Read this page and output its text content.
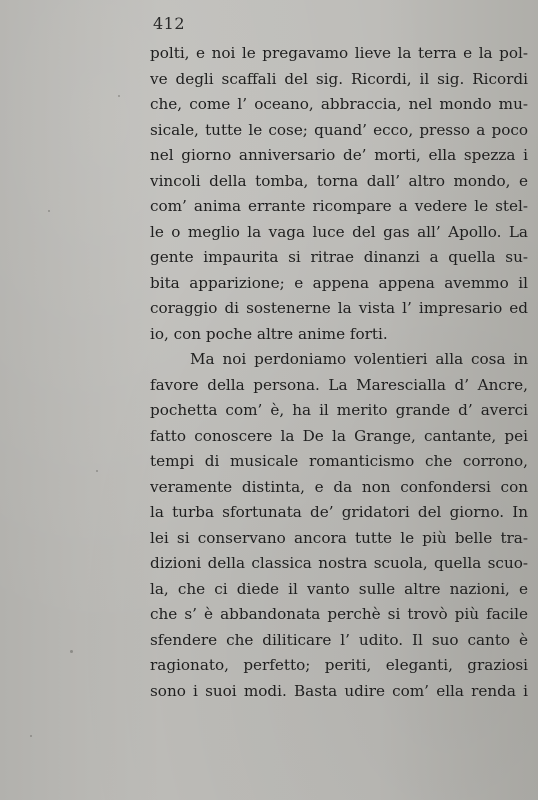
412
polti, e noi le pregavamo lieve la terra e la pol-
ve degli scaffali del sig. Ricordi, il sig. Ricordi
che, come l’ oceano, abbraccia, nel mondo mu-
sicale, tutte le cose; quand’ ecco, presso a poco
nel giorno anniversario de’ morti, ella spezza i
vincoli della tomba, torna dall’ altro mondo, e
com’ anima errante ricompare a vedere le stel-
le o meglio la vaga luce del gas all’ Apollo. La
gente impaurita si ritrae dinanzi a quella su-
bita apparizione; e appena appena avemmo il
coraggio di sostenerne la vista l’ impresario ed
io, con poche altre anime forti.
Ma noi perdoniamo volentieri alla cosa in
favore della persona. La Marescialla d’ Ancre,
pochetta com’ è, ha il merito grande d’ averci
fatto conoscere la De la Grange, cantante, pei
tempi di musicale romanticismo che corrono,
veramente distinta, e da non confondersi con
la turba sfortunata de’ gridatori del giorno. In
lei si conservano ancora tutte le più belle tra-
dizioni della classica nostra scuola, quella scuo-
la, che ci diede il vanto sulle altre nazioni, e
che s’ è abbandonata perchè si trovò più facile
sfendere che diliticare l’ udito. Il suo canto è
ragionato, perfetto; periti, eleganti, graziosi
sono i suoi modi. Basta udire com’ ella renda i
